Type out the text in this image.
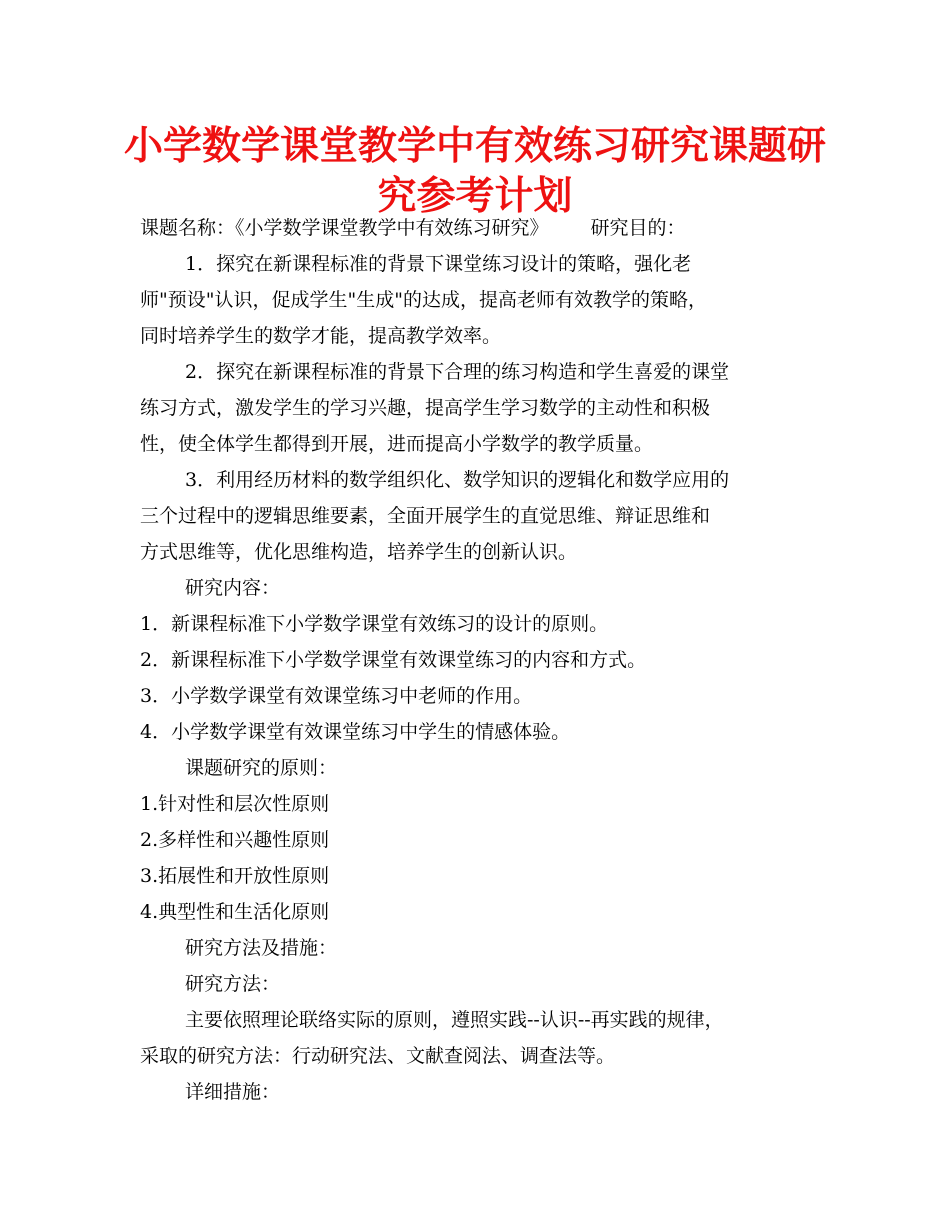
小学数学课堂教学中有效练习研究课题研
究参考计划

课题名称：《小学数学课堂教学中有效练习研究》 研究目的：

1．探究在新课程标准的背景下课堂练习设计的策略，强化老

师"预设"认识，促成学生"生成"的达成，提高老师有效教学的策略，

同时培养学生的数学才能，提高教学效率。

2．探究在新课程标准的背景下合理的练习构造和学生喜爱的课堂

练习方式，激发学生的学习兴趣，提高学生学习数学的主动性和积极

性，使全体学生都得到开展，进而提高小学数学的教学质量。

3．利用经历材料的数学组织化、数学知识的逻辑化和数学应用的

三个过程中的逻辑思维要素，全面开展学生的直觉思维、辩证思维和

方式思维等，优化思维构造，培养学生的创新认识。

研究内容：

1．新课程标准下小学数学课堂有效练习的设计的原则。

2．新课程标准下小学数学课堂有效课堂练习的内容和方式。

3．小学数学课堂有效课堂练习中老师的作用。

4．小学数学课堂有效课堂练习中学生的情感体验。

课题研究的原则：

1.针对性和层次性原则

2.多样性和兴趣性原则

3.拓展性和开放性原则

4.典型性和生活化原则

研究方法及措施：

研究方法：

主要依照理论联络实际的原则，遵照实践--认识--再实践的规律，

采取的研究方法：行动研究法、文献查阅法、调查法等。

详细措施：
